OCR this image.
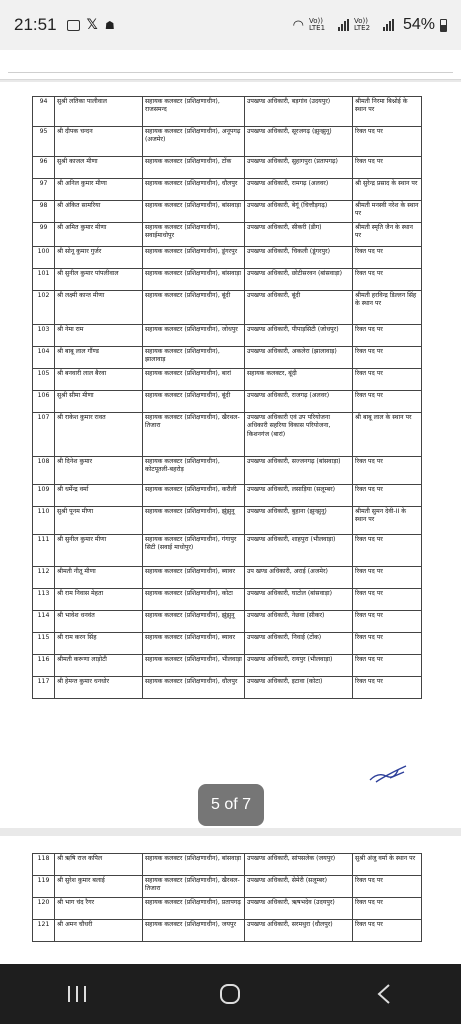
21:51 𝕏 ☗	◠ Vo)) LTE1
Vo)) LTE2	54%
94	सुश्री लतिका पालीवाल	सहायक कलक्टर (प्रशिक्षणाधीन), राजसमन्द	उपखण्ड अधिकारी, बड़गांव (उदयपुर)	श्रीमती निरमा बिश्नोई के स्थान पर
95	श्री दीपक चन्दन	सहायक कलक्टर (प्रशिक्षणाधीन), अनूपगढ़ (अजमेर)	उपखण्ड अधिकारी, सूरजगढ़ (झुन्झुनू)	रिक्त पद पर
96	सुश्री काजल मीणा	सहायक कलक्टर (प्रशिक्षणाधीन), टोंक	उपखण्ड अधिकारी, सुहागपुरा (प्रतापगढ़)	रिक्त पद पर
97	श्री अनिल कुमार मीणा	सहायक कलक्टर (प्रशिक्षणाधीन), धौलपुर	उपखण्ड अधिकारी, रामगढ़ (अलवर)	श्री सुरेन्द्र प्रसाद के स्थान पर
98	श्री अंकित सामरिया	सहायक कलक्टर (प्रशिक्षणाधीन), बांसवाड़ा	उपखण्ड अधिकारी, बेगूं (चित्तौड़गढ़)	श्रीमती मनस्वी नरेश के स्थान पर
99	श्री अमित कुमार मीणा	सहायक कलक्टर (प्रशिक्षणाधीन), सवाईमाधोपुर	उपखण्ड अधिकारी, सीकरी (डीग)	श्रीमती स्मृति जैन के स्थान पर
100	श्री सोनू कुमार गुर्जर	सहायक कलक्टर (प्रशिक्षणाधीन), डूंगरपुर	उपखण्ड अधिकारी, चिकली (डूंगरपुर)	रिक्त पद पर
101	श्री सुनील कुमार पांपलीवाल	सहायक कलक्टर (प्रशिक्षणाधीन), बांसवाड़ा	उपखण्ड अधिकारी, छोटीसरवन (बांसवाड़ा)	रिक्त पद पर
102	श्री लक्ष्मी कान्त मीणा	सहायक कलक्टर (प्रशिक्षणाधीन), बूंदी	उपखण्ड अधिकारी, बूंदी	श्रीमती हरविन्द्र डिल्लन सिंह के स्थान पर
103	श्री नेमा राम	सहायक कलक्टर (प्रशिक्षणाधीन), जोधपुर	उपखण्ड अधिकारी, पीपाड़सिटी (जोधपुर)	रिक्त पद पर
104	श्री बाबू लाल गौंण्ड	सहायक कलक्टर (प्रशिक्षणाधीन), झालावाड़	उपखण्ड अधिकारी, अकलेरा (झालावाड़)	रिक्त पद पर
105	श्री बनवारी लाल बैरवा	सहायक कलक्टर (प्रशिक्षणाधीन), बारां	सहायक कलक्टर, बूंदी	रिक्त पद पर
106	सुश्री सीमा मीणा	सहायक कलक्टर (प्रशिक्षणाधीन), बूंदी	उपखण्ड अधिकारी, राजगढ़ (अलवर)	रिक्त पद पर
107	श्री राकेश कुमार रावत	सहायक कलक्टर (प्रशिक्षणाधीन), खैरथल-तिजारा	उपखण्ड अधिकारी एवं उप परियोजना अधिकारी सहरिया विकास परियोजना, किशनगंज (बारां)	श्री बाबू लाल के स्थान पर
108	श्री दिनेश कुमार	सहायक कलक्टर (प्रशिक्षणाधीन), कोटपूतली-बहरोड़	उपखण्ड अधिकारी, सज्जनगढ़ (बांसवाड़ा)	रिक्त पद पर
109	श्री धर्मेन्द्र वर्मा	सहायक कलक्टर (प्रशिक्षणाधीन), करौली	उपखण्ड अधिकारी, लसाड़िया (सलूम्बर)	रिक्त पद पर
110	सुश्री पूनम मीणा	सहायक कलक्टर (प्रशिक्षणाधीन), झुंझुनू	उपखण्ड अधिकारी, बुहाना (झुन्झुनू)	श्रीमती सुमन देवी-II के स्थान पर
111	श्री सुनील कुमार मीणा	सहायक कलक्टर (प्रशिक्षणाधीन), गंगापुर सिटी (सवाई माधोपुर)	उपखण्ड अधिकारी, शाहपुरा (भीलवाड़ा)	रिक्त पद पर
112	श्रीमती नीतू मीणा	सहायक कलक्टर (प्रशिक्षणाधीन), ब्यावर	उप खण्ड अधिकारी, अराई (अजमेर)	रिक्त पद पर
113	श्री राम निवास मेहता	सहायक कलक्टर (प्रशिक्षणाधीन), कोटा	उपखण्ड अधिकारी, घाटोल (बांसवाड़ा)	रिक्त पद पर
114	श्री भावेश धनवंत	सहायक कलक्टर (प्रशिक्षणाधीन), झुंझुनू	उपखण्ड अधिकारी, नेछवा (सीकर)	रिक्त पद पर
115	श्री राम करन सिंह	सहायक कलक्टर (प्रशिक्षणाधीन), ब्यावर	उपखण्ड अधिकारी, निवाई (टोंक)	रिक्त पद पर
116	श्रीमती करूणा लाड़ोटी	सहायक कलक्टर (प्रशिक्षणाधीन), भीलवाड़ा	उपखण्ड अधिकारी, रायपुर (भीलवाड़ा)	रिक्त पद पर
117	श्री हेमन्त कुमार धनधोर	सहायक कलक्टर (प्रशिक्षणाधीन), धौलपुर	उपखण्ड अधिकारी, इटावा (कोटा)	रिक्त पद पर
5 of 7
118	श्री ऋषि राज कपिल	सहायक कलक्टर (प्रशिक्षणाधीन), बांसवाड़ा	उपखण्ड अधिकारी, सांपसलेक (जयपुर)	सुश्री अंजु वर्मा के स्थान पर
119	श्री सुरेश कुमार बलाई	सहायक कलक्टर (प्रशिक्षणाधीन), खैरथल-तिजारा	उपखण्ड अधिकारी, सेमेरी (सलूम्बर)	रिक्त पद पर
120	श्री भाग चंद रैगर	सहायक कलक्टर (प्रशिक्षणाधीन), प्रतापगढ़	उपखण्ड अधिकारी, ऋषभदेव (उदयपुर)	रिक्त पद पर
121	श्री अमन चौधरी	सहायक कलक्टर (प्रशिक्षणाधीन), जयपुर	उपखण्ड अधिकारी, सरमथुरा (धौलपुर)	रिक्त पद पर
